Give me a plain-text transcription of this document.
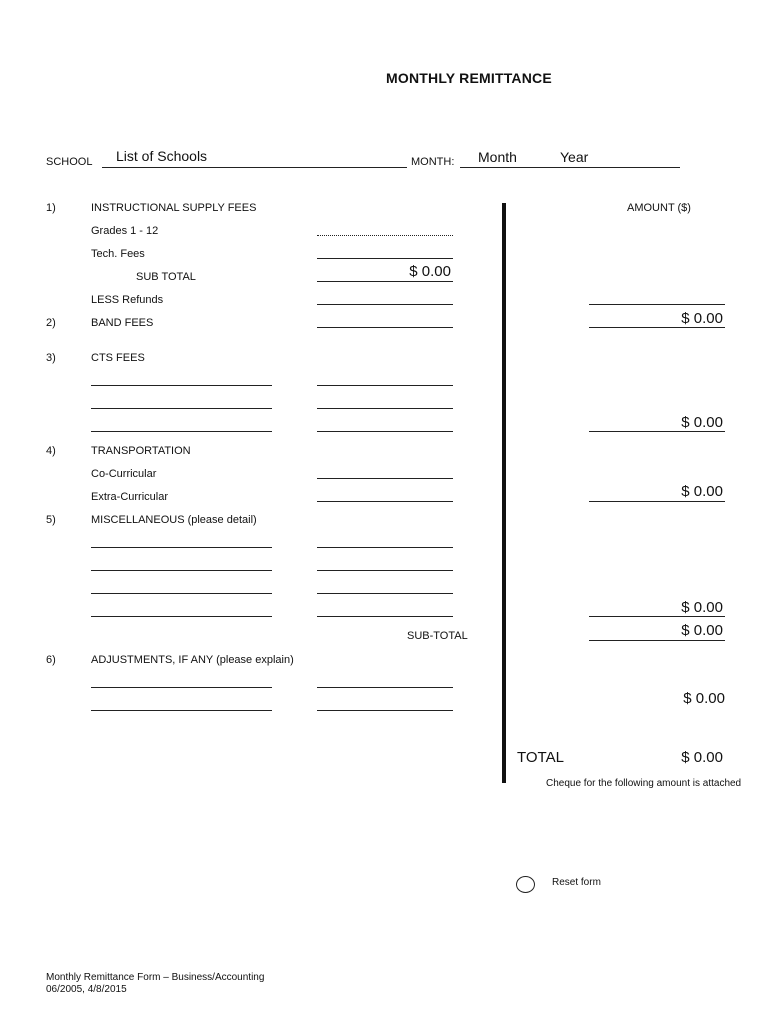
MONTHLY REMITTANCE
SCHOOL List of Schools	MONTH: Month	Year
AMOUNT ($)
1)	INSTRUCTIONAL SUPPLY FEES
Grades 1 - 12
Tech. Fees
SUB TOTAL	$ 0.00
LESS Refunds
2)	BAND FEES	$ 0.00
3)	CTS FEES
$ 0.00
4)	TRANSPORTATION
Co-Curricular
Extra-Curricular	$ 0.00
5)	MISCELLANEOUS (please detail)
$ 0.00
SUB-TOTAL	$ 0.00
6)	ADJUSTMENTS, IF ANY (please explain)
$ 0.00
TOTAL	$ 0.00
Cheque for the following amount is attached
Reset form
Monthly Remittance Form – Business/Accounting
06/2005, 4/8/2015
